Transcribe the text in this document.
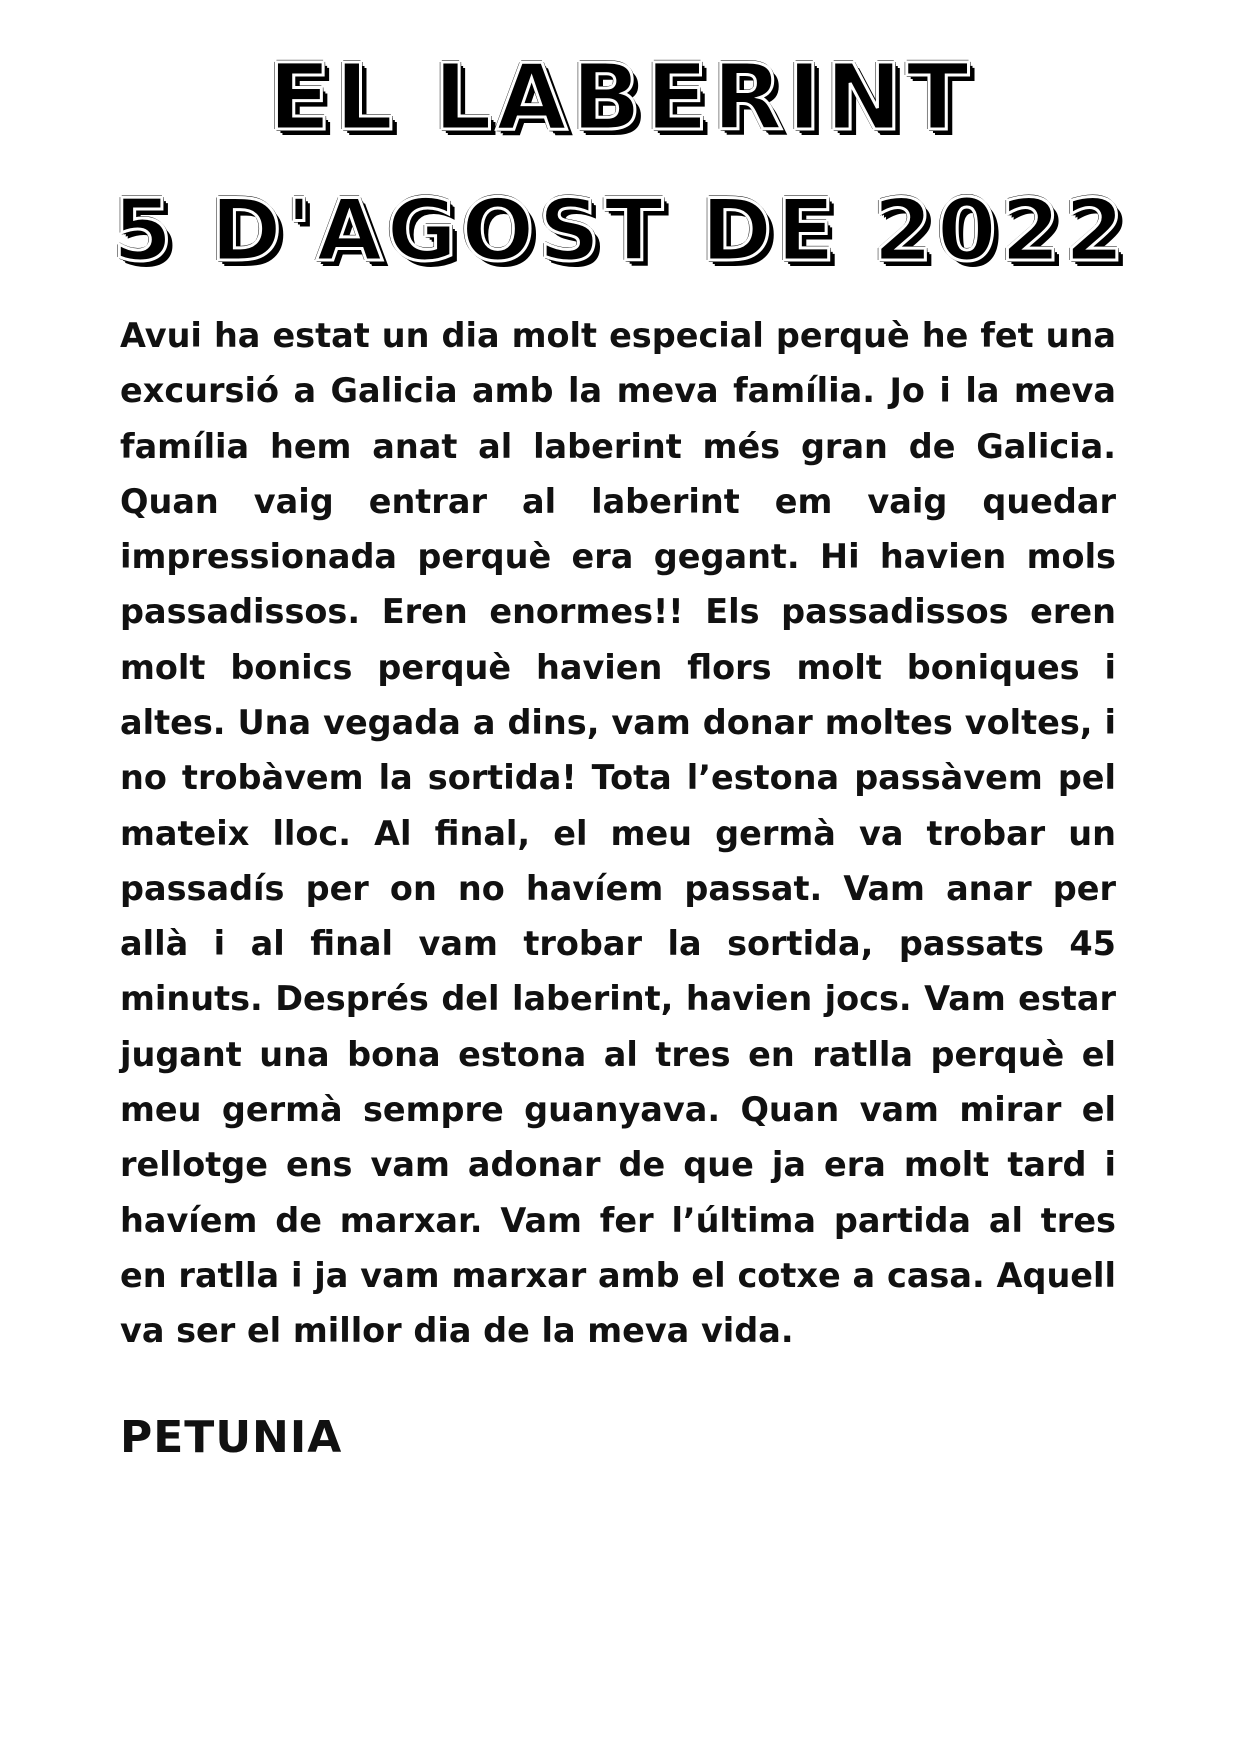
EL LABERINT
5 D'AGOST DE 2022

Avui ha estat un dia molt especial perquè he fet una excursió a Galicia amb la meva família. Jo i la meva família hem anat al laberint més gran de Galicia. Quan vaig entrar al laberint em vaig quedar impressionada perquè era gegant. Hi havien mols passadissos. Eren enormes!! Els passadissos eren molt bonics perquè havien flors molt boniques i altes. Una vegada a dins, vam donar moltes voltes, i no trobàvem la sortida! Tota l’estona passàvem pel mateix lloc. Al final, el meu germà va trobar un passadís per on no havíem passat. Vam anar per allà i al final vam trobar la sortida, passats 45 minuts. Després del laberint, havien jocs. Vam estar jugant una bona estona al tres en ratlla perquè el meu germà sempre guanyava. Quan vam mirar el rellotge ens vam adonar de que ja era molt tard i havíem de marxar. Vam fer l’última partida al tres en ratlla i ja vam marxar amb el cotxe a casa. Aquell va ser el millor dia de la meva vida.

PETUNIA
